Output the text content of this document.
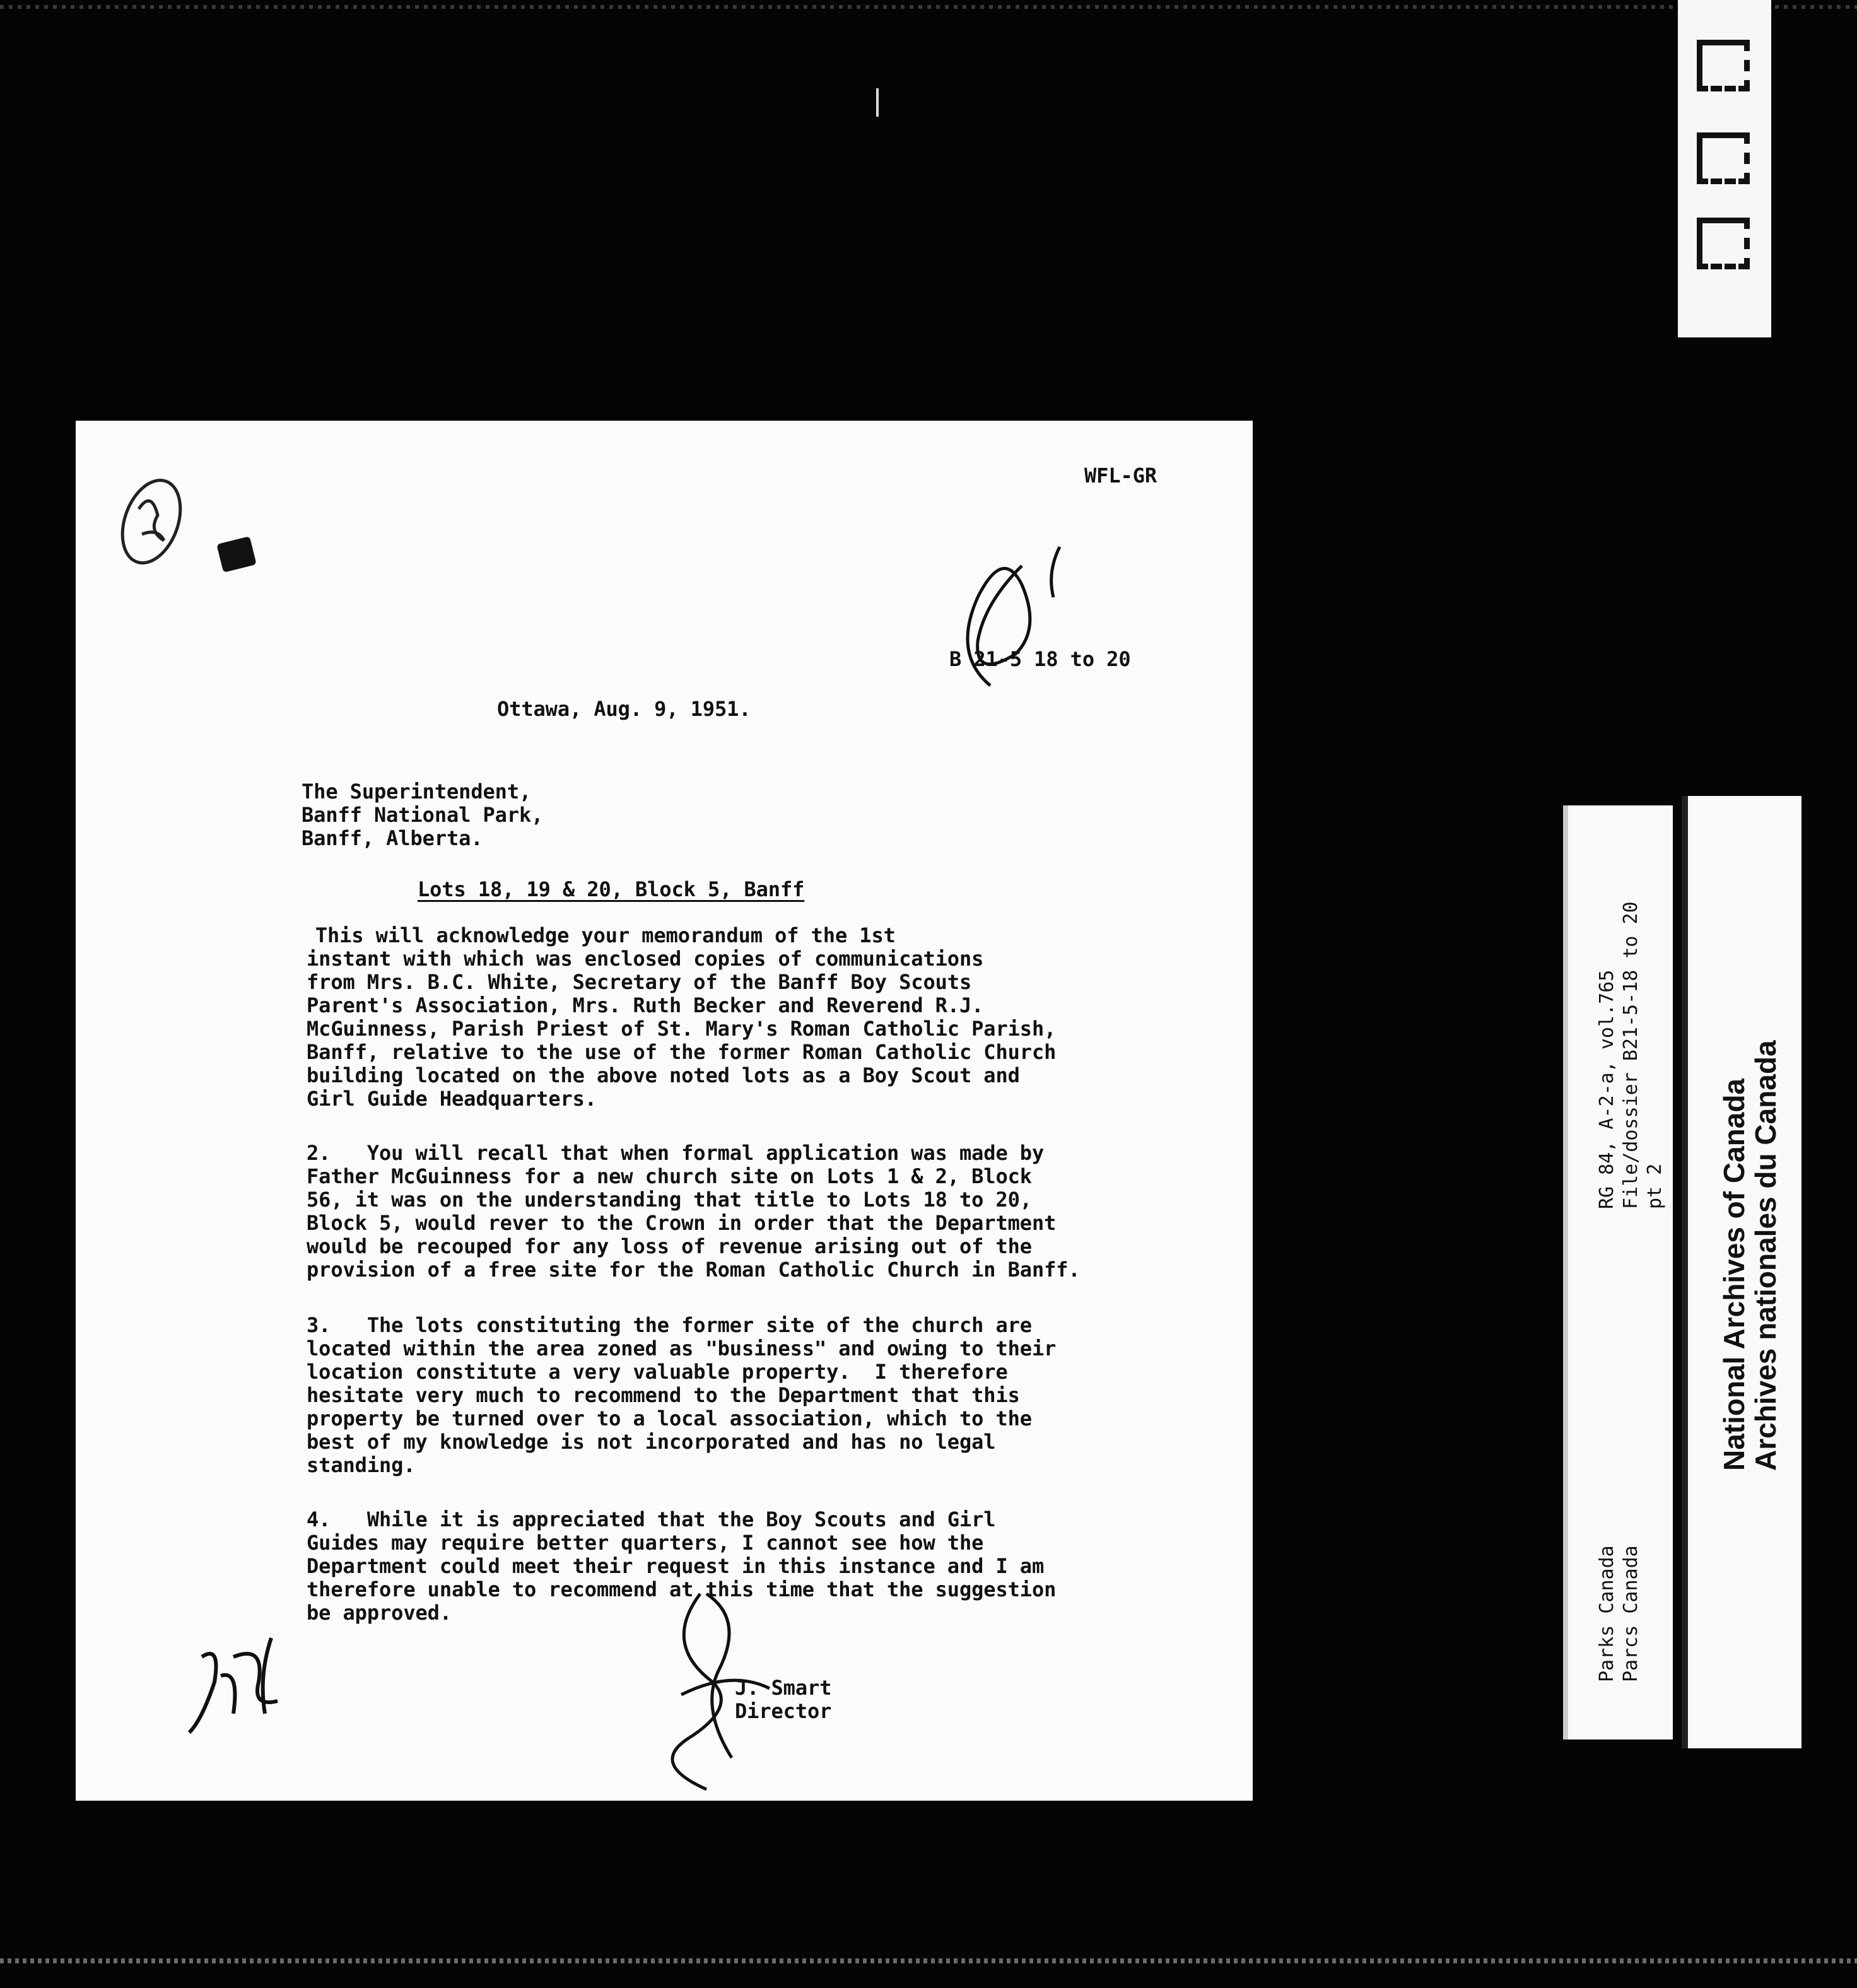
WFL-GR
B 21-5 18 to 20
Ottawa, Aug. 9, 1951.
The Superintendent,
Banff National Park,
Banff, Alberta.
Lots 18, 19 & 20, Block 5, Banff
This will acknowledge your memorandum of the 1st
instant with which was enclosed copies of communications
from Mrs. B.C. White, Secretary of the Banff Boy Scouts
Parent's Association, Mrs. Ruth Becker and Reverend R.J.
McGuinness, Parish Priest of St. Mary's Roman Catholic Parish,
Banff, relative to the use of the former Roman Catholic Church
building located on the above noted lots as a Boy Scout and
Girl Guide Headquarters.
2.   You will recall that when formal application was made by
Father McGuinness for a new church site on Lots 1 & 2, Block
56, it was on the understanding that title to Lots 18 to 20,
Block 5, would rever to the Crown in order that the Department
would be recouped for any loss of revenue arising out of the
provision of a free site for the Roman Catholic Church in Banff.
3.   The lots constituting the former site of the church are
located within the area zoned as "business" and owing to their
location constitute a very valuable property.  I therefore
hesitate very much to recommend to the Department that this
property be turned over to a local association, which to the
best of my knowledge is not incorporated and has no legal
standing.
4.   While it is appreciated that the Boy Scouts and Girl
Guides may require better quarters, I cannot see how the
Department could meet their request in this instance and I am
therefore unable to recommend at this time that the suggestion
be approved.
J. Smart
Director
RG 84, A-2-a, vol.765 File/dossier B21-5-18 to 20 pt 2
Parks Canada Parcs Canada
National Archives of Canada
Archives nationales du Canada
